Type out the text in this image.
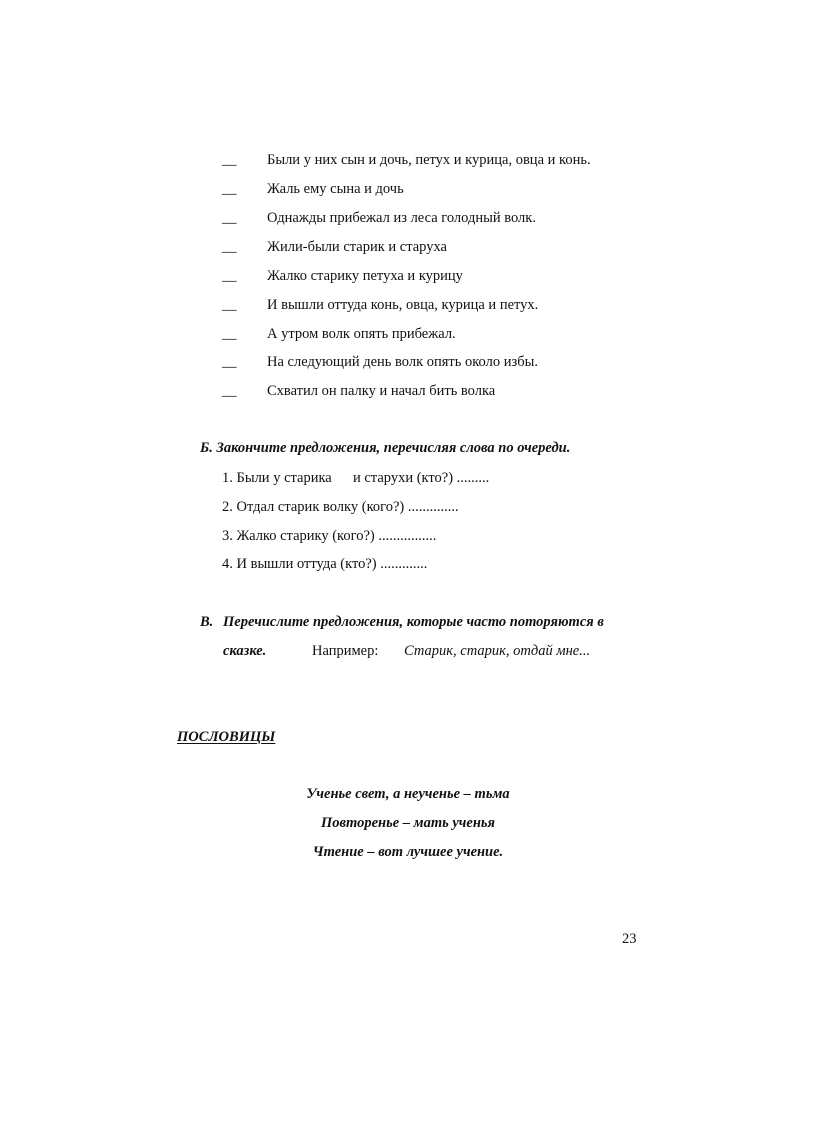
__ Были у них сын и дочь, петух и курица, овца и конь.
__ Жаль ему сына и дочь
__ Однажды прибежал из леса голодный волк.
__ Жили-были старик и старуха
__ Жалко старику петуха и курицу
__ И вышли оттуда конь, овца, курица и петух.
__ А утром волк опять прибежал.
__ На следующий день волк опять около избы.
__ Схватил он палку и начал бить волка
Б. Закончите предложения, перечисляя слова по очереди.
1. Были у старика и старухи (кто?) .........
2. Отдал старик волку (кого?) ..............
3. Жалко старику (кого?) ................
4. И вышли оттуда (кто?) .............
В. Перечислите предложения, которые часто поторяются в
сказке.	Например: Старик, старик, отдай мне...
ПОСЛОВИЦЫ
Ученье свет, а неученье – тьма
Повторенье – мать ученья
Чтение – вот лучшее учение.
23
